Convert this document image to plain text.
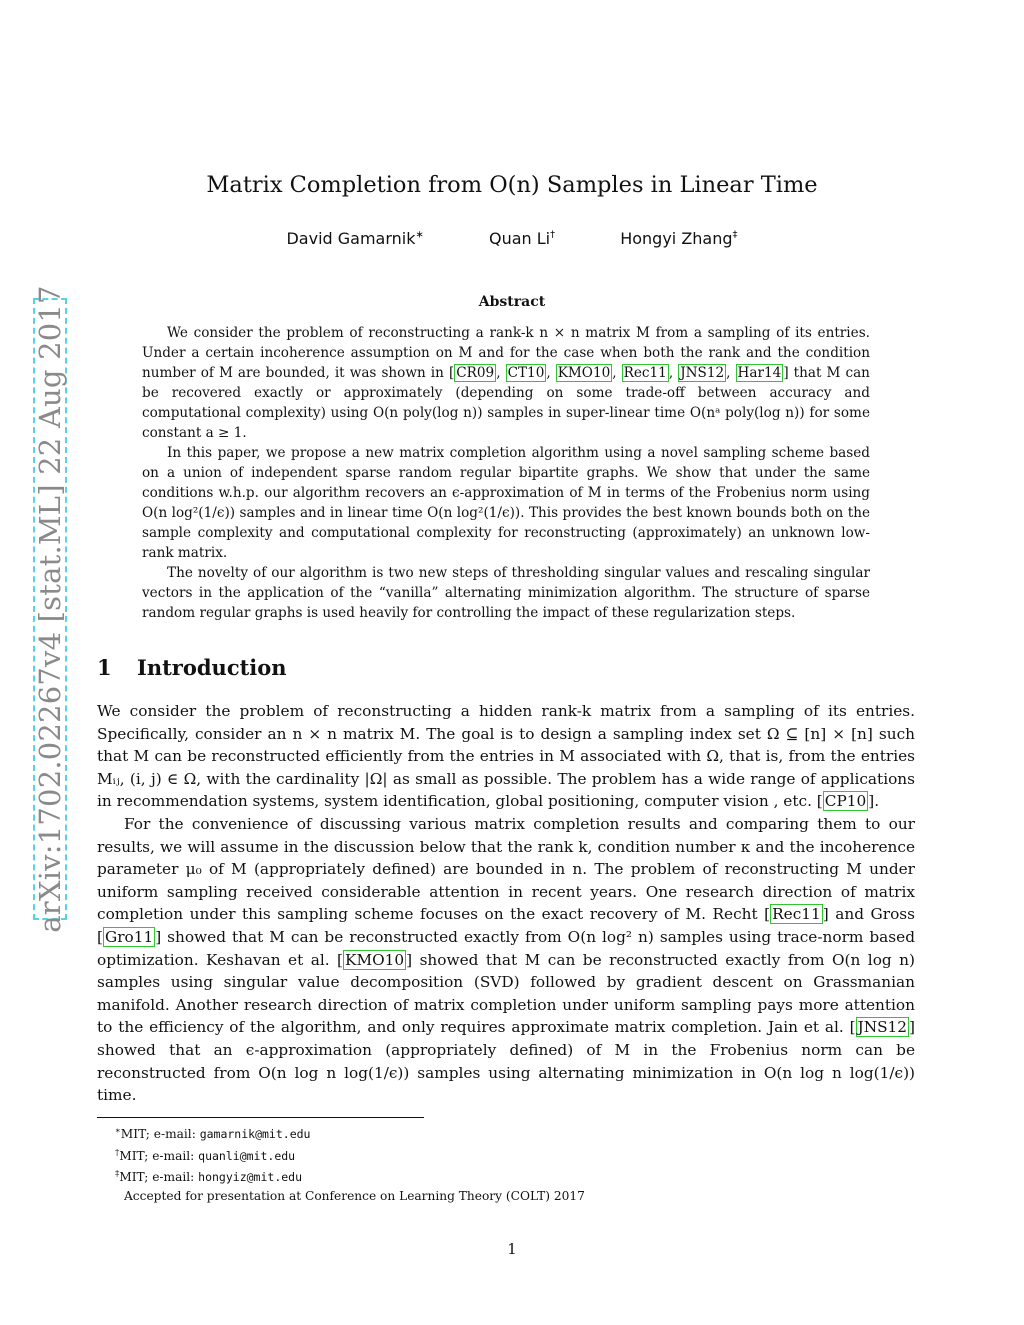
arXiv:1702.02267v4 [stat.ML] 22 Aug 2017
Matrix Completion from O(n) Samples in Linear Time
David Gamarnik∗	Quan Li†	Hongyi Zhang‡
Abstract

We consider the problem of reconstructing a rank-k n × n matrix M from a sampling of its entries. Under a certain incoherence assumption on M and for the case when both the rank and the condition number of M are bounded, it was shown in [ CR09 , CT10 , KMO10 , Rec11 , JNS12 , Har14 ] that M can be recovered exactly or approximately (depending on some trade-off between accuracy and computational complexity) using O(n poly(log n)) samples in super-linear time O(nᵃ poly(log n)) for some constant a ≥ 1.

In this paper, we propose a new matrix completion algorithm using a novel sampling scheme based on a union of independent sparse random regular bipartite graphs. We show that under the same conditions w.h.p. our algorithm recovers an ϵ-approximation of M in terms of the Frobenius norm using O(n log²(1/ϵ)) samples and in linear time O(n log²(1/ϵ)). This provides the best known bounds both on the sample complexity and computational complexity for reconstructing (approximately) an unknown low-rank matrix.

The novelty of our algorithm is two new steps of thresholding singular values and rescaling singular vectors in the application of the “vanilla” alternating minimization algorithm. The structure of sparse random regular graphs is used heavily for controlling the impact of these regularization steps.

1 Introduction

We consider the problem of reconstructing a hidden rank-k matrix from a sampling of its entries. Specifically, consider an n × n matrix M. The goal is to design a sampling index set Ω ⊆ [n] × [n] such that M can be reconstructed efficiently from the entries in M associated with Ω, that is, from the entries Mᵢⱼ, (i, j) ∈ Ω, with the cardinality |Ω| as small as possible. The problem has a wide range of applications in recommendation systems, system identification, global positioning, computer vision , etc. [ CP10 ].

For the convenience of discussing various matrix completion results and comparing them to our results, we will assume in the discussion below that the rank k, condition number κ and the incoherence parameter μ₀ of M (appropriately defined) are bounded in n. The problem of reconstructing M under uniform sampling received considerable attention in recent years. One research direction of matrix completion under this sampling scheme focuses on the exact recovery of M. Recht [ Rec11 ] and Gross [ Gro11 ] showed that M can be reconstructed exactly from O(n log² n) samples using trace-norm based optimization. Keshavan et al. [ KMO10 ] showed that M can be reconstructed exactly from O(n log n) samples using singular value decomposition (SVD) followed by gradient descent on Grassmanian manifold. Another research direction of matrix completion under uniform sampling pays more attention to the efficiency of the algorithm, and only requires approximate matrix completion. Jain et al. [ JNS12 ] showed that an ϵ-approximation (appropriately defined) of M in the Frobenius norm can be reconstructed from O(n log n log(1/ϵ)) samples using alternating minimization in O(n log n log(1/ϵ)) time.

∗MIT; e-mail: gamarnik@mit.edu
†MIT; e-mail: quanli@mit.edu
‡MIT; e-mail: hongyiz@mit.edu
Accepted for presentation at Conference on Learning Theory (COLT) 2017
1
